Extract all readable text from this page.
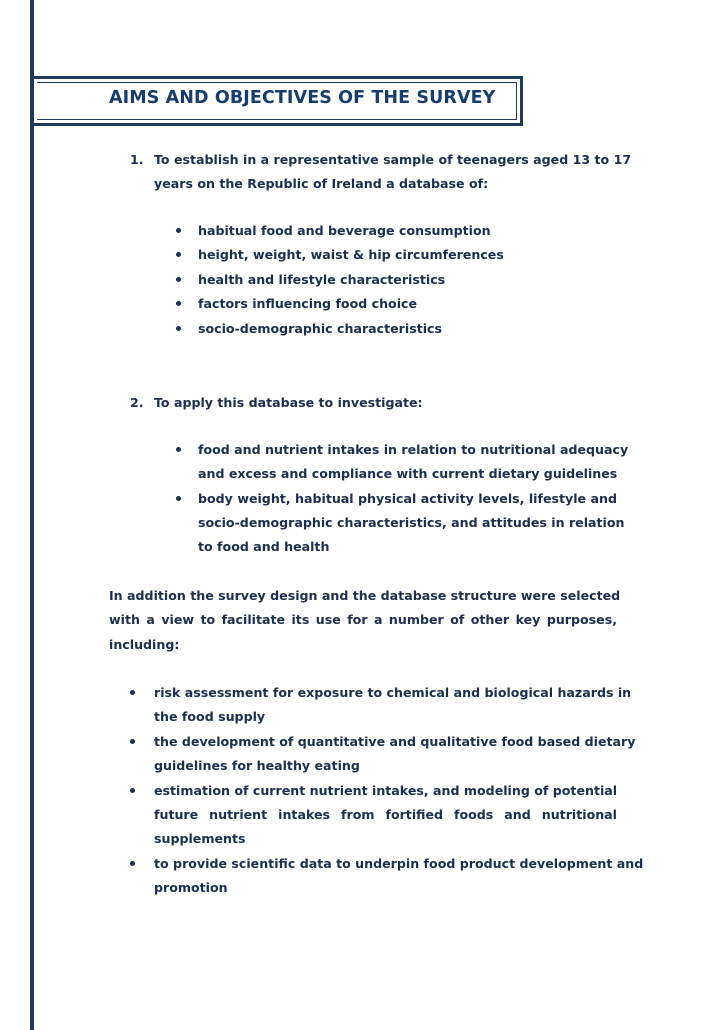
AIMS AND OBJECTIVES OF THE SURVEY
1. To establish in a representative sample of teenagers aged 13 to 17
years on the Republic of Ireland a database of:
habitual food and beverage consumption
height, weight, waist & hip circumferences
health and lifestyle characteristics
factors influencing food choice
socio-demographic characteristics
2. To apply this database to investigate:
food and nutrient intakes in relation to nutritional adequacy
and excess and compliance with current dietary guidelines
body weight, habitual physical activity levels, lifestyle and
socio-demographic characteristics, and attitudes in relation
to food and health
In addition the survey design and the database structure were selected
with a view to facilitate its use for a number of other key purposes,
including:
risk assessment for exposure to chemical and biological hazards in
the food supply
the development of quantitative and qualitative food based dietary
guidelines for healthy eating
estimation of current nutrient intakes, and modeling of potential
future nutrient intakes from fortified foods and nutritional
supplements
to provide scientific data to underpin food product development and
promotion
